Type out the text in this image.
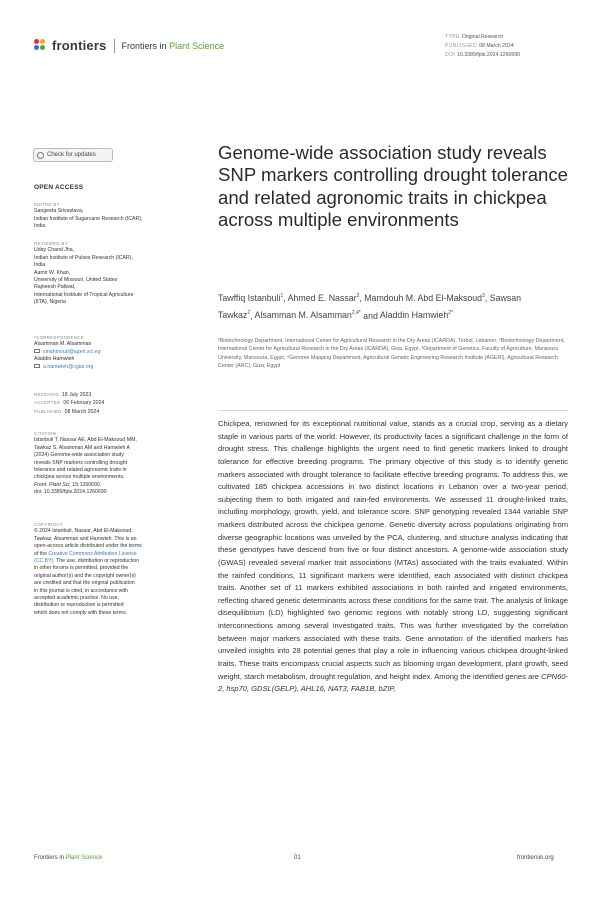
frontiers Frontiers in Plant Science
TYPE Original Research
PUBLISHED 08 March 2024
DOI 10.3389/fpls.2024.1260690
Check for updates
OPEN ACCESS
EDITED BY
Sangeeta Srivastava,
Indian Institute of Sugarcane Research (ICAR),
India
REVIEWED BY
Uday Chand Jha,
Indian Institute of Pulses Research (ICAR),
India
Aamir W. Khan,
University of Missouri, United States
Rajneesh Paliwal,
International Institute of Tropical Agriculture
(IITA), Nigeria
*CORRESPONDENCE
Alsamman M. Alsamman
smahmoud@ageri.sci.eg
Aladdin Hamwieh
a.hamwieh@cgiar.org
RECEIVED 18 July 2023
ACCEPTED 06 February 2024
PUBLISHED 08 March 2024
CITATION
Istanbuli T, Nassar AE, Abd El-Maksoud MM,
Tawkaz S, Alsamman AM and Hamwieh A
(2024) Genome-wide association study
reveals SNP markers controlling drought
tolerance and related agronomic traits in
chickpea across multiple environments.
Front. Plant Sci. 15:1260690.
doi: 10.3389/fpls.2024.1260690
COPYRIGHT
© 2024 Istanbuli, Nassar, Abd El-Maksoud,
Tawkaz, Alsamman and Hamwieh. This is an
open-access article distributed under the terms
of the Creative Commons Attribution License
(CC BY). The use, distribution or reproduction
in other forums is permitted, provided the
original author(s) and the copyright owner(s)
are credited and that the original publication
in this journal is cited, in accordance with
accepted academic practice. No use,
distribution or reproduction is permitted
which does not comply with these terms.
Genome-wide association study reveals SNP markers controlling drought tolerance and related agronomic traits in chickpea across multiple environments
Tawffiq Istanbuli$^1$, Ahmed E. Nassar$^2$, Mamdouh M. Abd El-Maksoud$^3$, Sawsan Tawkaz$^2$, Alsamman M. Alsamman$^{2,4*}$ and Aladdin Hamwieh$^{2*}$
¹Biotechnology Department, International Center for Agricultural Research in the Dry Areas (ICARDA), Terbol, Lebanon, ²Biotechnology Department, International Center for Agricultural Research in the Dry Areas (ICARDA), Giza, Egypt, ³Department of Genetics, Faculty of Agriculture, Mansoura University, Mansoura, Egypt, ⁴Genome Mapping Department, Agricultural Genetic Engineering Research Institute (AGERI), Agricultural Research Center (ARC), Giza, Egypt
Chickpea, renowned for its exceptional nutritional value, stands as a crucial crop, serving as a dietary staple in various parts of the world. However, its productivity faces a significant challenge in the form of drought stress. This challenge highlights the urgent need to find genetic markers linked to drought tolerance for effective breeding programs. The primary objective of this study is to identify genetic markers associated with drought tolerance to facilitate effective breeding programs. To address this, we cultivated 185 chickpea accessions in two distinct locations in Lebanon over a two-year period, subjecting them to both irrigated and rain-fed environments. We assessed 11 drought-linked traits, including morphology, growth, yield, and tolerance score. SNP genotyping revealed 1344 variable SNP markers distributed across the chickpea genome. Genetic diversity across populations originating from diverse geographic locations was unveiled by the PCA, clustering, and structure analysis indicating that these genotypes have descend from five or four distinct ancestors. A genome-wide association study (GWAS) revealed several marker trait associations (MTAs) associated with the traits evaluated. Within the rainfed conditions, 11 significant markers were identified, each associated with distinct chickpea traits. Another set of 11 markers exhibited associations in both rainfed and irrigated environments, reflecting shared genetic determinants across these conditions for the same trait. The analysis of linkage disequilibrium (LD) highlighted two genomic regions with notably strong LD, suggesting significant interconnections among several investigated traits. This was further investigated by the correlation between major markers associated with these traits. Gene annotation of the identified markers has unveiled insights into 28 potential genes that play a role in influencing various chickpea drought-linked traits. These traits encompass crucial aspects such as blooming organ development, plant growth, seed weight, starch metabolism, drought regulation, and height index. Among the identified genes are CPN60-2, hsp70, GDSL(GELP), AHL16, NAT3, FAB1B, bZIP,
Frontiers in Plant Science	01	frontiersin.org
